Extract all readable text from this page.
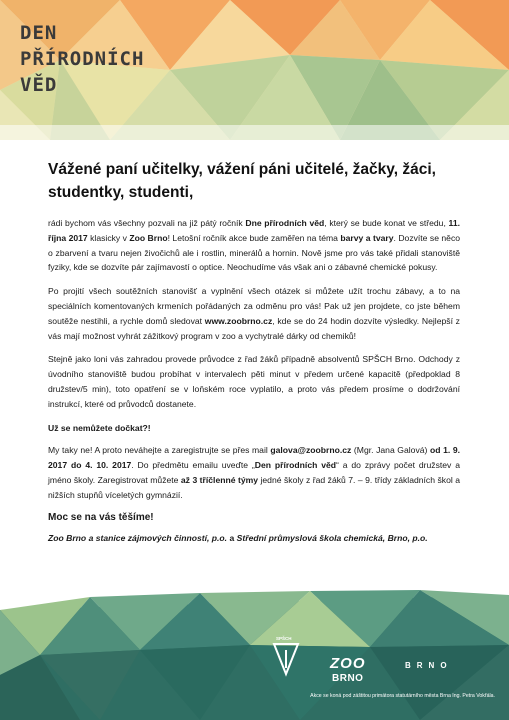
DEN
PŘÍRODNÍCH
VĚD
Vážené paní učitelky, vážení páni učitelé, žačky, žáci,
studentky, studenti,

rádi bychom vás všechny pozvali na již pátý ročník Dne přírodních věd, který se bude konat ve středu, 11. října 2017 klasicky v Zoo Brno! Letošní ročník akce bude zaměřen na téma barvy a tvary. Dozvíte se něco o zbarvení a tvaru nejen živočichů ale i rostlin, minerálů a hornin. Nově jsme pro vás také přidali stanoviště fyziky, kde se dozvíte pár zajímavostí o optice. Neochudíme vás však ani o zábavné chemické pokusy.

Po projití všech soutěžních stanovišť a vyplnění všech otázek si můžete užít trochu zábavy, a to na speciálních komentovaných krmeních pořádaných za odměnu pro vás! Pak už jen projdete, co jste během soutěže nestihli, a rychle domů sledovat www.zoobrno.cz, kde se do 24 hodin dozvíte výsledky. Nejlepší z vás mají možnost vyhrát zážitkový program v zoo a vychytralé dárky od chemiků!

Stejně jako loni vás zahradou provede průvodce z řad žáků případně absolventů SPŠCH Brno. Odchody z úvodního stanoviště budou probíhat v intervalech pěti minut v předem určené kapacitě (předpoklad 8 družstev/5 min), toto opatření se v loňském roce vyplatilo, a proto vás předem prosíme o dodržování instrukcí, které od průvodců dostanete.

Už se nemůžete dočkat?!

My taky ne! A proto neváhejte a zaregistrujte se přes mail galova@zoobrno.cz (Mgr. Jana Galová) od 1. 9. 2017 do 4. 10. 2017. Do předmětu emailu uveďte „Den přírodních věd“ a do zprávy počet družstev a jméno školy. Zaregistrovat můžete až 3 tříčlenné týmy jedné školy z řad žáků 7. – 9. třídy základních škol a nižších stupňů víceletých gymnázií.

Moc se na vás těšíme!

Zoo Brno a stanice zájmových činností, p.o. a Střední průmyslová škola chemická, Brno, p.o.

SPŠCH
ZOO
BRNO
BRNO
Akce se koná pod záštitou primátora statutárního města Brna Ing. Petra Vokřála.
